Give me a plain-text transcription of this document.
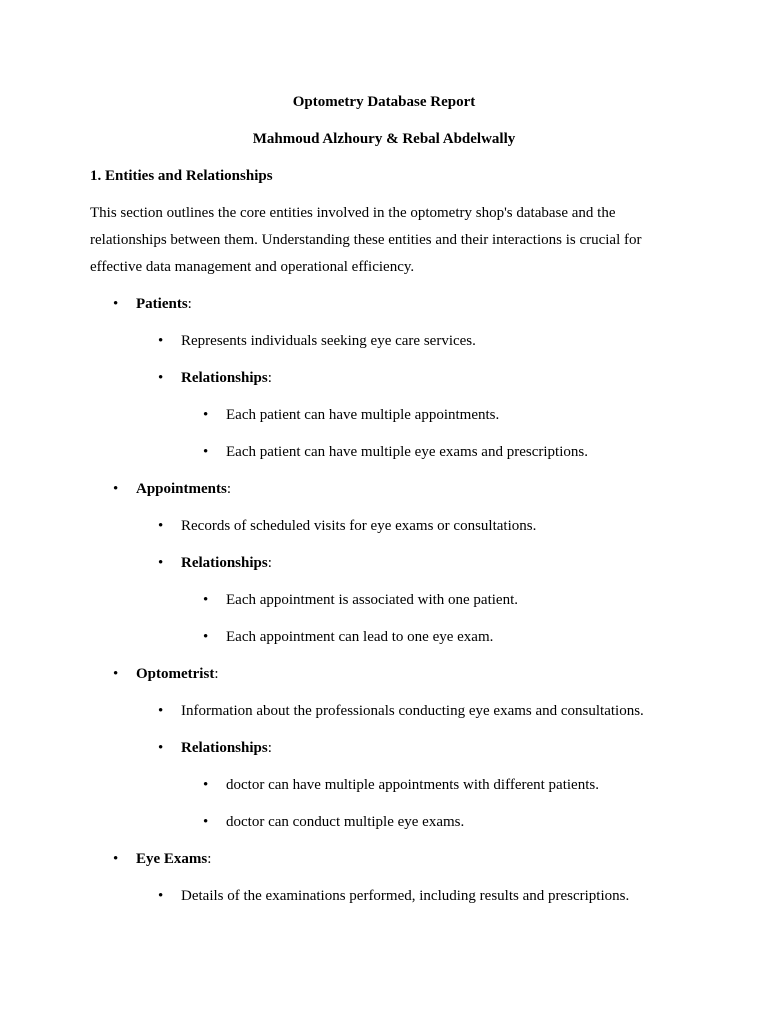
Optometry Database Report

Mahmoud Alzhoury & Rebal Abdelwally

1. Entities and Relationships

This section outlines the core entities involved in the optometry shop's database and the relationships between them. Understanding these entities and their interactions is crucial for effective data management and operational efficiency.

• Patients:
• Represents individuals seeking eye care services.
• Relationships:
• Each patient can have multiple appointments.
• Each patient can have multiple eye exams and prescriptions.
• Appointments:
• Records of scheduled visits for eye exams or consultations.
• Relationships:
• Each appointment is associated with one patient.
• Each appointment can lead to one eye exam.
• Optometrist:
• Information about the professionals conducting eye exams and consultations.
• Relationships:
• doctor can have multiple appointments with different patients.
• doctor can conduct multiple eye exams.
• Eye Exams:
• Details of the examinations performed, including results and prescriptions.
